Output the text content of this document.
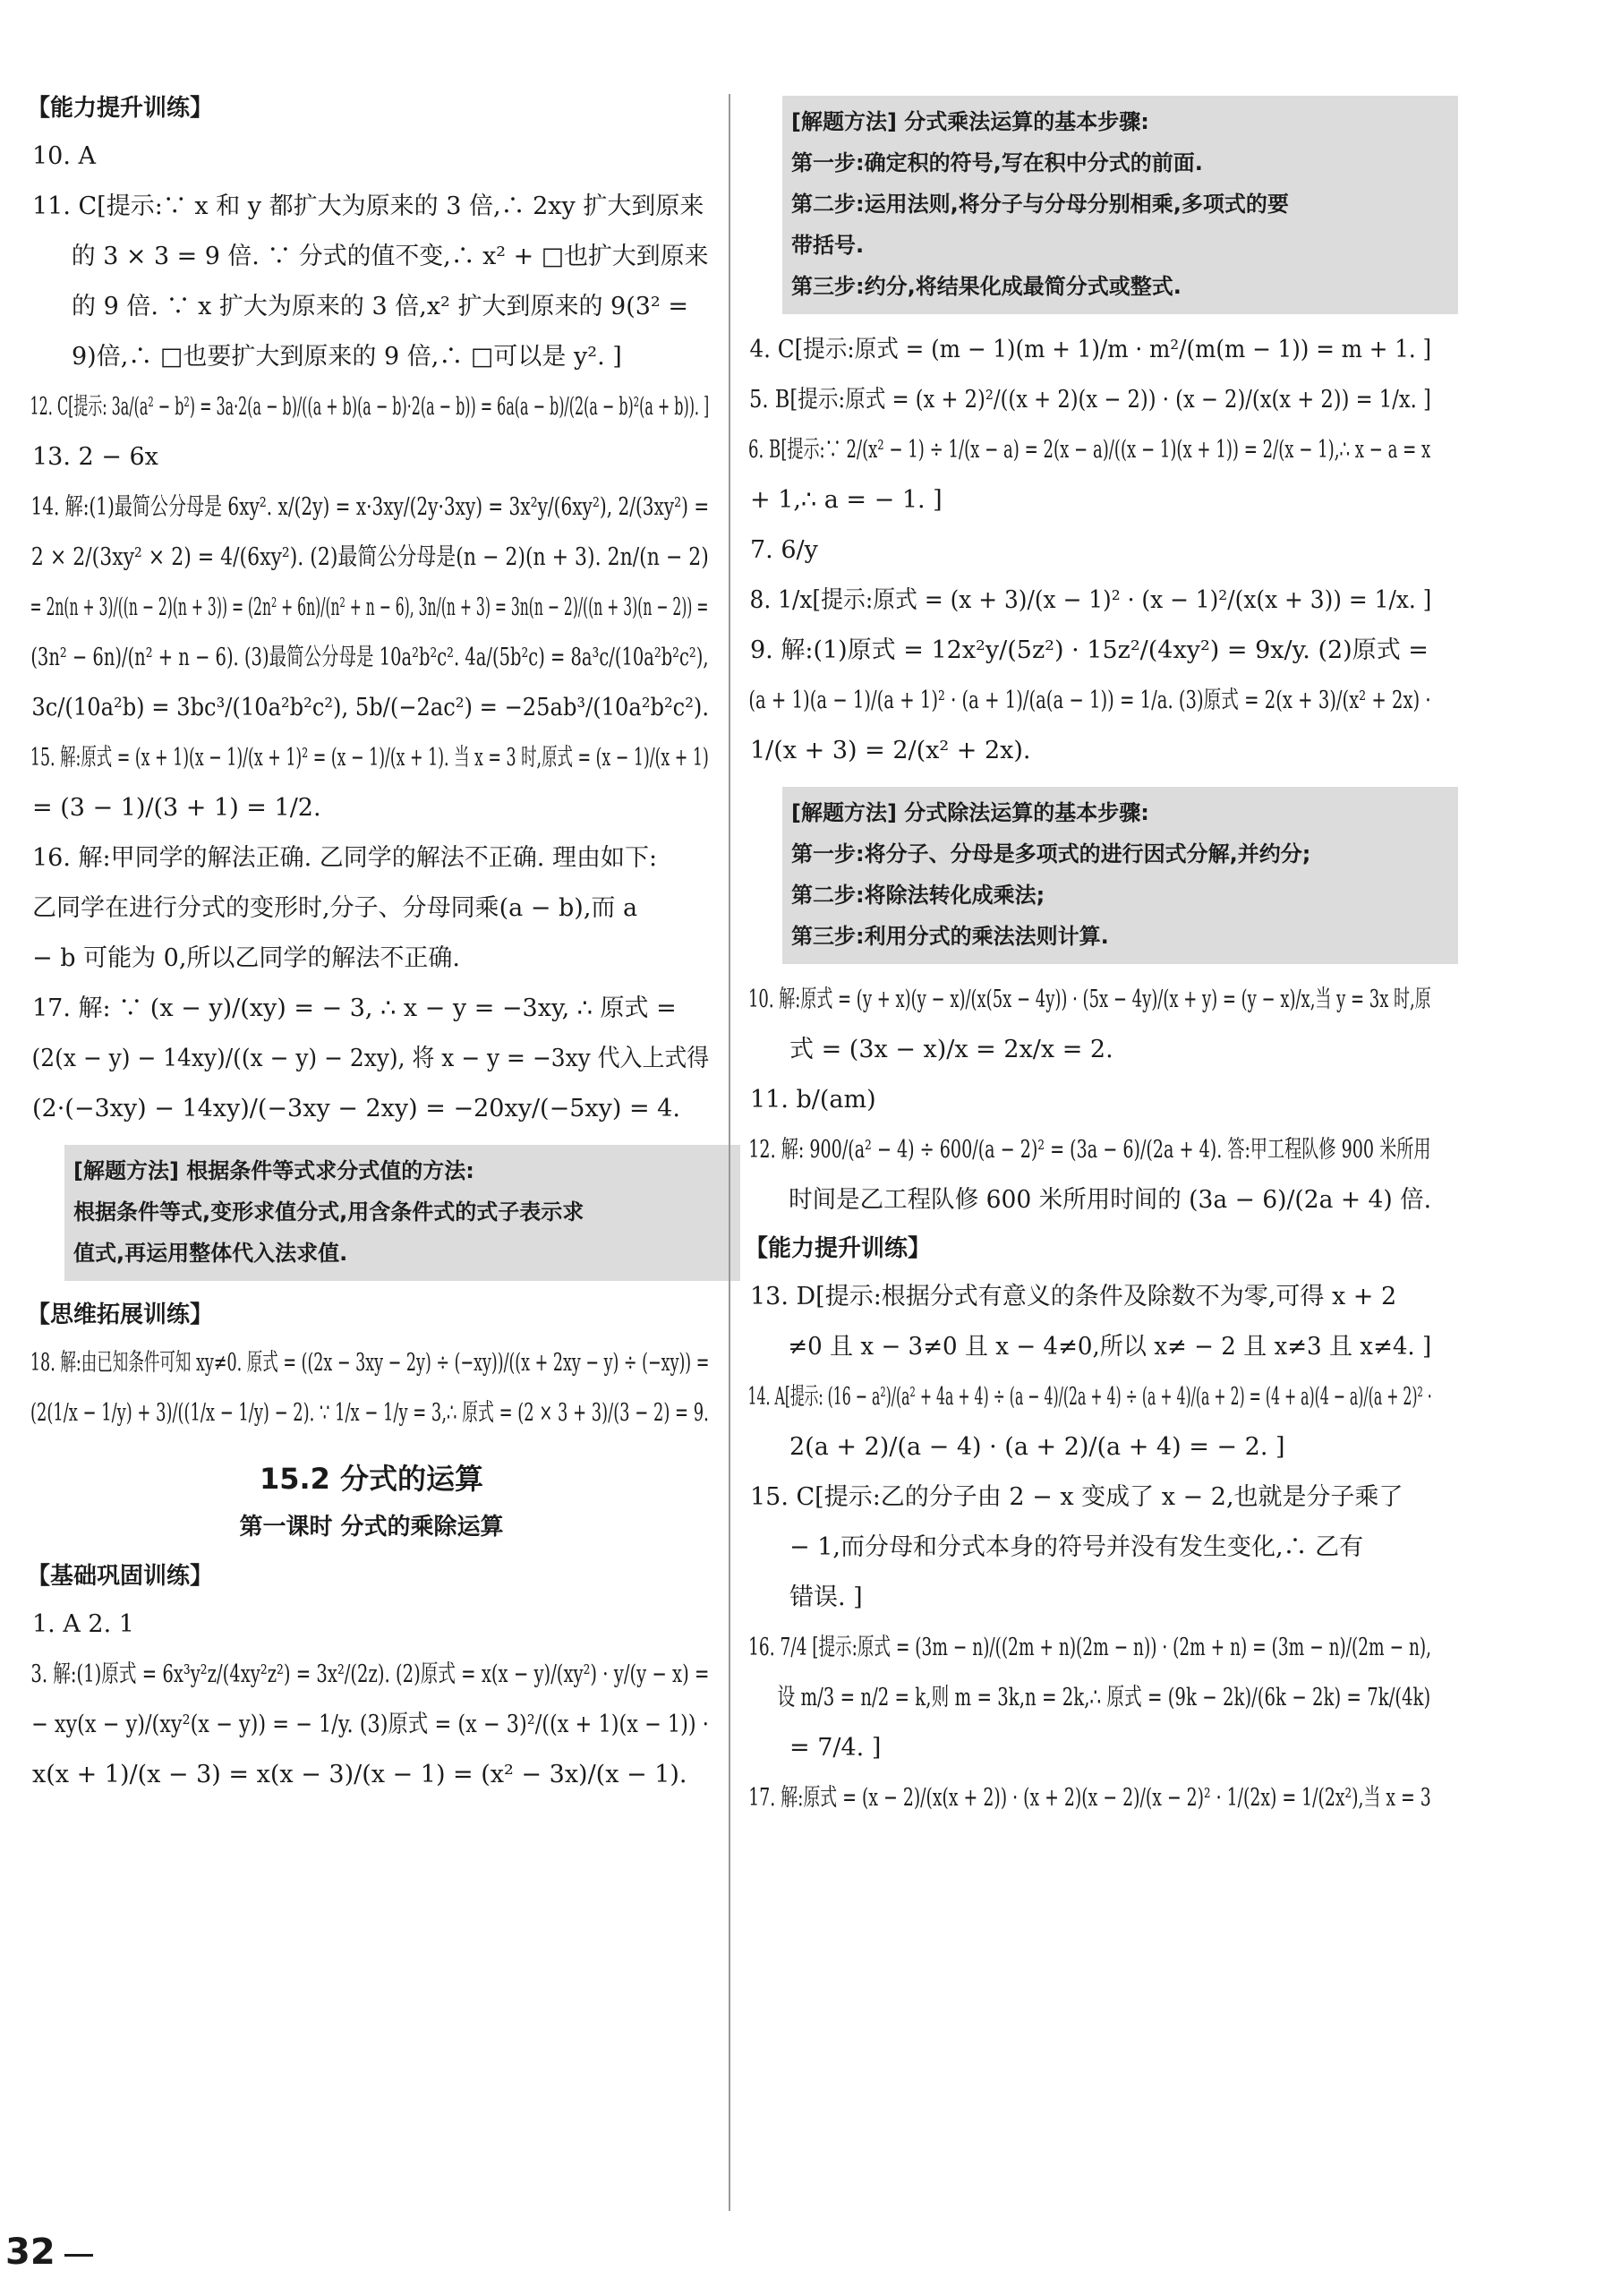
【能力提升训练】

10. A

11. C[提示:∵ x 和 y 都扩大为原来的 3 倍,∴ 2xy 扩大到原来

的 3 × 3 = 9 倍. ∵ 分式的值不变,∴ x² + □也扩大到原来

的 9 倍. ∵ x 扩大为原来的 3 倍,x² 扩大到原来的 9(3² =

9)倍,∴ □也要扩大到原来的 9 倍,∴ □可以是 y². ]

12. C[提示: 3a/(a² − b²) = 3a·2(a − b)/((a + b)(a − b)·2(a − b)) = 6a(a − b)/(2(a − b)²(a + b)). ]

13. 2 − 6x

14. 解:(1)最简公分母是 6xy². x/(2y) = x·3xy/(2y·3xy) = 3x²y/(6xy²), 2/(3xy²) =

2 × 2/(3xy² × 2) = 4/(6xy²). (2)最简公分母是(n − 2)(n + 3). 2n/(n − 2)

= 2n(n + 3)/((n − 2)(n + 3)) = (2n² + 6n)/(n² + n − 6), 3n/(n + 3) = 3n(n − 2)/((n + 3)(n − 2)) =

(3n² − 6n)/(n² + n − 6). (3)最简公分母是 10a²b²c². 4a/(5b²c) = 8a³c/(10a²b²c²),

3c/(10a²b) = 3bc³/(10a²b²c²), 5b/(−2ac²) = −25ab³/(10a²b²c²).

15. 解:原式 = (x + 1)(x − 1)/(x + 1)² = (x − 1)/(x + 1). 当 x = 3 时,原式 = (x − 1)/(x + 1)

= (3 − 1)/(3 + 1) = 1/2.

16. 解:甲同学的解法正确. 乙同学的解法不正确. 理由如下:

乙同学在进行分式的变形时,分子、分母同乘(a − b),而 a

− b 可能为 0,所以乙同学的解法不正确.

17. 解: ∵ (x − y)/(xy) = − 3, ∴ x − y = −3xy, ∴ 原式 =

(2(x − y) − 14xy)/((x − y) − 2xy), 将 x − y = −3xy 代入上式得

(2·(−3xy) − 14xy)/(−3xy − 2xy) = −20xy/(−5xy) = 4.

[解题方法] 根据条件等式求分式值的方法:

根据条件等式,变形求值分式,用含条件式的式子表示求

值式,再运用整体代入法求值.

【思维拓展训练】

18. 解:由已知条件可知 xy≠0. 原式 = ((2x − 3xy − 2y) ÷ (−xy))/((x + 2xy − y) ÷ (−xy)) =

(2(1/x − 1/y) + 3)/((1/x − 1/y) − 2). ∵ 1/x − 1/y = 3,∴ 原式 = (2 × 3 + 3)/(3 − 2) = 9.

15.2 分式的运算

第一课时 分式的乘除运算

【基础巩固训练】

1. A 2. 1

3. 解:(1)原式 = 6x³y²z/(4xy²z²) = 3x²/(2z). (2)原式 = x(x − y)/(xy²) · y/(y − x) =

− xy(x − y)/(xy²(x − y)) = − 1/y. (3)原式 = (x − 3)²/((x + 1)(x − 1)) ·

x(x + 1)/(x − 3) = x(x − 3)/(x − 1) = (x² − 3x)/(x − 1).

[解题方法] 分式乘法运算的基本步骤:

第一步:确定积的符号,写在积中分式的前面.

第二步:运用法则,将分子与分母分别相乘,多项式的要

带括号.

第三步:约分,将结果化成最简分式或整式.

4. C[提示:原式 = (m − 1)(m + 1)/m · m²/(m(m − 1)) = m + 1. ]

5. B[提示:原式 = (x + 2)²/((x + 2)(x − 2)) · (x − 2)/(x(x + 2)) = 1/x. ]

6. B[提示:∵ 2/(x² − 1) ÷ 1/(x − a) = 2(x − a)/((x − 1)(x + 1)) = 2/(x − 1),∴ x − a = x

+ 1,∴ a = − 1. ]

7. 6/y

8. 1/x[提示:原式 = (x + 3)/(x − 1)² · (x − 1)²/(x(x + 3)) = 1/x. ]

9. 解:(1)原式 = 12x²y/(5z²) · 15z²/(4xy²) = 9x/y. (2)原式 =

(a + 1)(a − 1)/(a + 1)² · (a + 1)/(a(a − 1)) = 1/a. (3)原式 = 2(x + 3)/(x² + 2x) ·

1/(x + 3) = 2/(x² + 2x).

[解题方法] 分式除法运算的基本步骤:

第一步:将分子、分母是多项式的进行因式分解,并约分;

第二步:将除法转化成乘法;

第三步:利用分式的乘法法则计算.

10. 解:原式 = (y + x)(y − x)/(x(5x − 4y)) · (5x − 4y)/(x + y) = (y − x)/x,当 y = 3x 时,原

式 = (3x − x)/x = 2x/x = 2.

11. b/(am)

12. 解: 900/(a² − 4) ÷ 600/(a − 2)² = (3a − 6)/(2a + 4). 答:甲工程队修 900 米所用

时间是乙工程队修 600 米所用时间的 (3a − 6)/(2a + 4) 倍.

【能力提升训练】

13. D[提示:根据分式有意义的条件及除数不为零,可得 x + 2

≠0 且 x − 3≠0 且 x − 4≠0,所以 x≠ − 2 且 x≠3 且 x≠4. ]

14. A[提示: (16 − a²)/(a² + 4a + 4) ÷ (a − 4)/(2a + 4) ÷ (a + 4)/(a + 2) = (4 + a)(4 − a)/(a + 2)² ·

2(a + 2)/(a − 4) · (a + 2)/(a + 4) = − 2. ]

15. C[提示:乙的分子由 2 − x 变成了 x − 2,也就是分子乘了

− 1,而分母和分式本身的符号并没有发生变化,∴ 乙有

错误. ]

16. 7/4 [提示:原式 = (3m − n)/((2m + n)(2m − n)) · (2m + n) = (3m − n)/(2m − n),

设 m/3 = n/2 = k,则 m = 3k,n = 2k,∴ 原式 = (9k − 2k)/(6k − 2k) = 7k/(4k)

= 7/4. ]

17. 解:原式 = (x − 2)/(x(x + 2)) · (x + 2)(x − 2)/(x − 2)² · 1/(2x) = 1/(2x²),当 x = 3

32
